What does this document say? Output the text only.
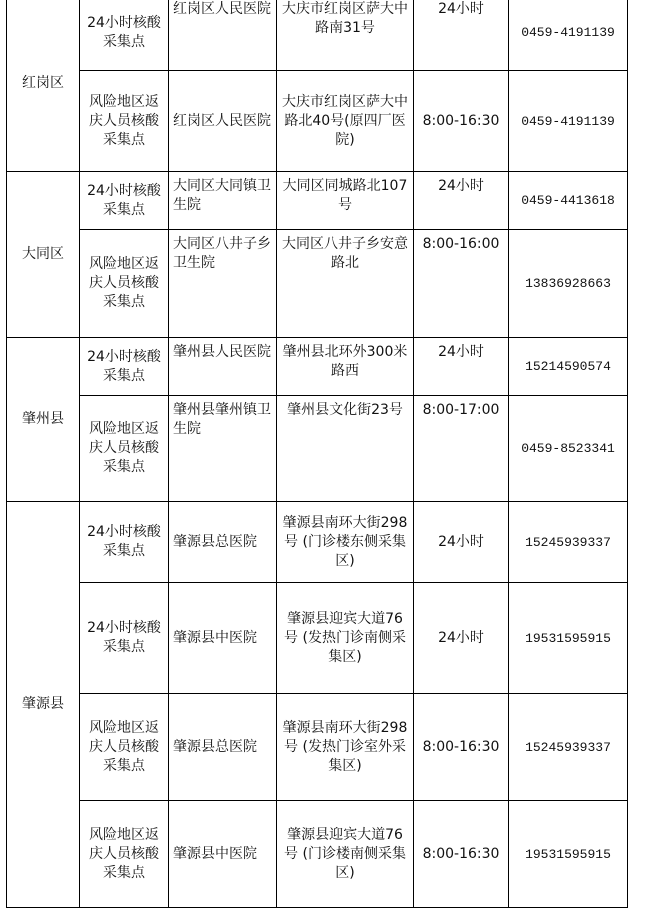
红岗区	24小时核酸采集点	红岗区人民医院	大庆市红岗区萨大中路南31号	24小时	0459-4191139
	风险地区返庆人员核酸采集点	红岗区人民医院	大庆市红岗区萨大中路北40号(原四厂医院)	8:00-16:30	0459-4191139
大同区	24小时核酸采集点	大同区大同镇卫生院	大同区同城路北107号	24小时	0459-4413618
	风险地区返庆人员核酸采集点	大同区八井子乡卫生院	大同区八井子乡安意路北	8:00-16:00	13836928663
肇州县	24小时核酸采集点	肇州县人民医院	肇州县北环外300米路西	24小时	15214590574
	风险地区返庆人员核酸采集点	肇州县肇州镇卫生院	肇州县文化街23号	8:00-17:00	0459-8523341
肇源县	24小时核酸采集点	肇源县总医院	肇源县南环大街298号 (门诊楼东侧采集区)	24小时	15245939337
	24小时核酸采集点	肇源县中医院	肇源县迎宾大道76号 (发热门诊南侧采集区)	24小时	19531595915
	风险地区返庆人员核酸采集点	肇源县总医院	肇源县南环大街298号 (发热门诊室外采集区)	8:00-16:30	15245939337
	风险地区返庆人员核酸采集点	肇源县中医院	肇源县迎宾大道76号 (门诊楼南侧采集区)	8:00-16:30	19531595915
